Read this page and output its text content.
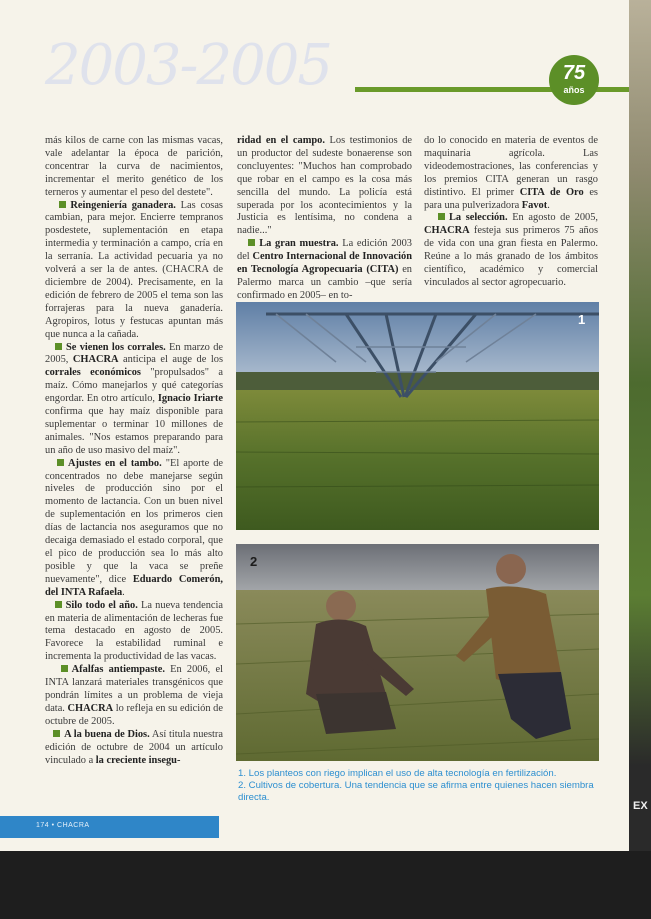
2003-2005	75
años

más kilos de carne con las mismas vacas, vale adelantar la época de parición, concentrar la curva de nacimientos, incrementar el merito genético de los terneros y aumentar el peso del destete".

Reingeniería ganadera. Las cosas cambian, para mejor. Encierre tempranos posdestete, suplementación en etapa intermedia y terminación a campo, cría en la serranía. La actividad pecuaria ya no volverá a ser la de antes. (CHACRA de diciembre de 2004). Precisamente, en la edición de febrero de 2005 el tema son las forrajeras para la nueva ganadería. Agropiros, lotus y festucas apuntan más que nunca a la cañada.

Se vienen los corrales. En marzo de 2005, CHACRA anticipa el auge de los corrales económicos "propulsados" a maíz. Cómo manejarlos y qué categorías engordar. En otro artículo, Ignacio Iriarte confirma que hay maíz disponible para suplementar o terminar 10 millones de animales. "Nos estamos preparando para un año de uso masivo del maíz".

Ajustes en el tambo. "El aporte de concentrados no debe manejarse según niveles de producción sino por el momento de lactancia. Con un buen nivel de suplementación en los primeros cien días de lactancia nos aseguramos que no decaiga demasiado el estado corporal, que el pico de producción sea lo más alto posible y que la vaca se preñe nuevamente", dice Eduardo Comerón, del INTA Rafaela.

Silo todo el año. La nueva tendencia en materia de alimentación de lecheras fue tema destacado en agosto de 2005. Favorece la estabilidad ruminal e incrementa la productividad de las vacas.

Afalfas antiempaste. En 2006, el INTA lanzará materiales transgénicos que pondrán límites a un problema de vieja data. CHACRA lo refleja en su edición de octubre de 2005.

A la buena de Dios. Así titula nuestra edición de octubre de 2004 un artículo vinculado a la creciente insegu-

ridad en el campo. Los testimonios de un productor del sudeste bonaerense son concluyentes: "Muchos han comprobado que robar en el campo es la cosa más sencilla del mundo. La policía está superada por los acontecimientos y la Justicia es lentísima, no condena a nadie..."

La gran muestra. La edición 2003 del Centro Internacional de Innovación en Tecnología Agropecuaria (CITA) en Palermo marca un cambio –que sería confirmado en 2005– en to-

do lo conocido en materia de eventos de maquinaria agrícola. Las videodemostraciones, las conferencias y los premios CITA generan un rasgo distintivo. El primer CITA de Oro es para una pulverizadora Favot.

La selección. En agosto de 2005, CHACRA festeja sus primeros 75 años de vida con una gran fiesta en Palermo. Reúne a lo más granado de los ámbitos científico, académico y comercial vinculados al sector agropecuario.

1
2
1. Los planteos con riego implican el uso de alta tecnología en fertilización.
2. Cultivos de cobertura. Una tendencia que se afirma entre quienes hacen siembra directa.
174 • CHACRA
EX
